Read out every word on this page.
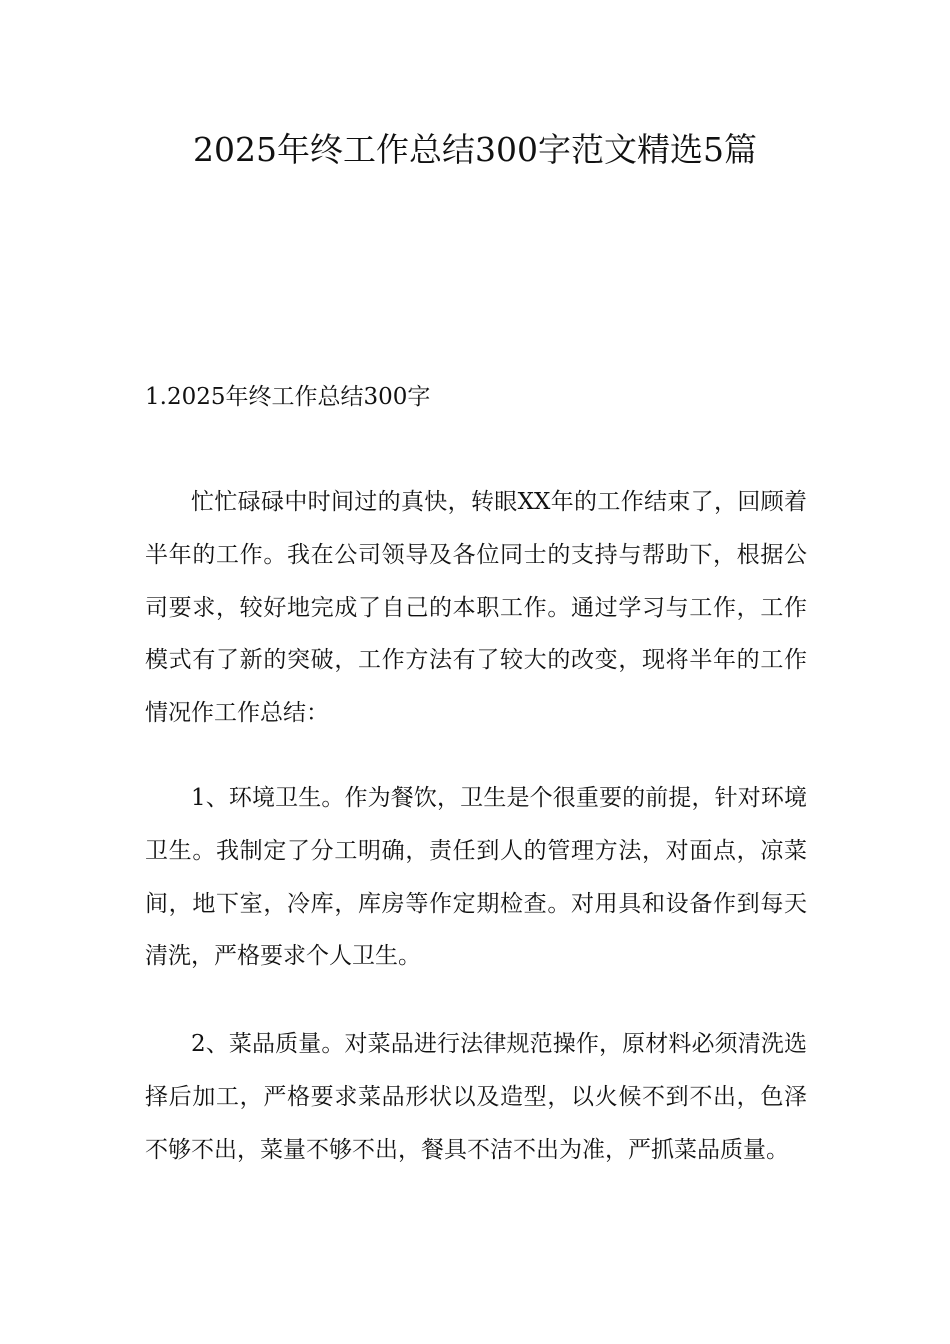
2025年终工作总结300字范文精选5篇
1.2025年终工作总结300字

忙忙碌碌中时间过的真快，转眼XX年的工作结束了，回顾着半年的工作。我在公司领导及各位同士的支持与帮助下，根据公司要求，较好地完成了自己的本职工作。通过学习与工作，工作模式有了新的突破，工作方法有了较大的改变，现将半年的工作情况作工作总结：

1、环境卫生。作为餐饮，卫生是个很重要的前提，针对环境卫生。我制定了分工明确，责任到人的管理方法，对面点，凉菜间，地下室，冷库，库房等作定期检查。对用具和设备作到每天清洗，严格要求个人卫生。

2、菜品质量。对菜品进行法律规范操作，原材料必须清洗选择后加工，严格要求菜品形状以及造型，以火候不到不出，色泽不够不出，菜量不够不出，餐具不洁不出为准，严抓菜品质量。
